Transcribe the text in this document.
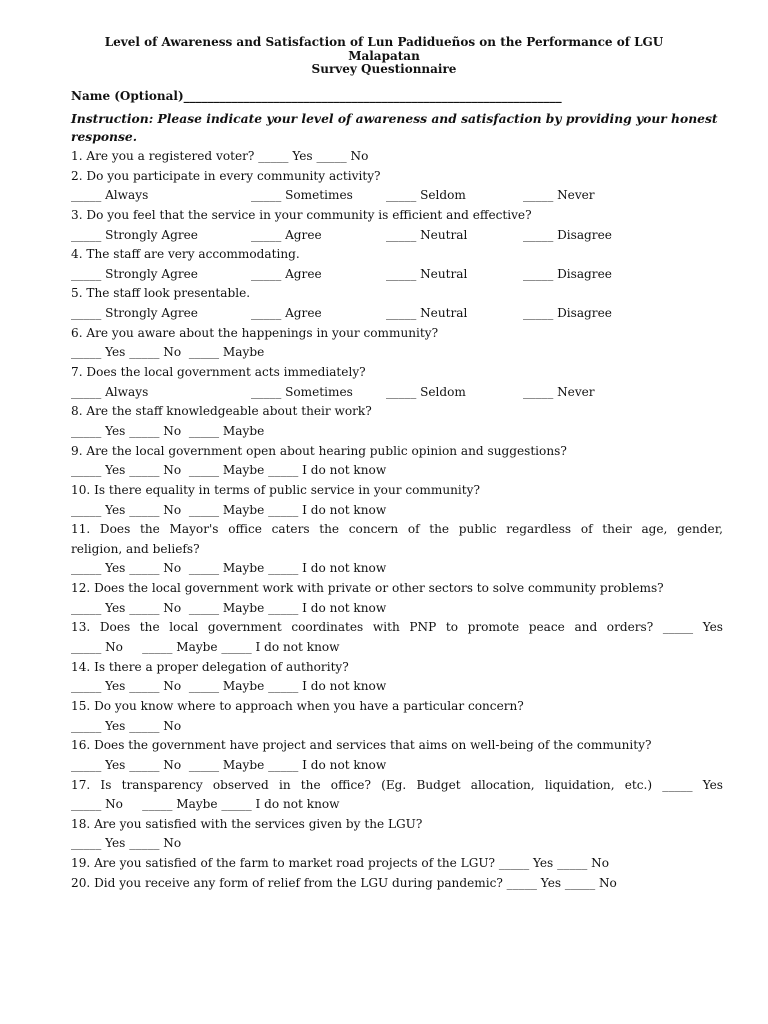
Level of Awareness and Satisfaction of Lun Padidueños on the Performance of LGU
Malapatan
Survey Questionnaire
Name (Optional)_______________________________________________________________
Instruction: Please indicate your level of awareness and satisfaction by providing your honest response.
1. Are you a registered voter? _____ Yes _____ No
2. Do you participate in every community activity?
_____ Always	_____ Sometimes	_____ Seldom	_____ Never
3. Do you feel that the service in your community is efficient and effective?
_____ Strongly Agree	_____ Agree	_____ Neutral	_____ Disagree
4. The staff are very accommodating.
_____ Strongly Agree	_____ Agree	_____ Neutral	_____ Disagree
5. The staff look presentable.
_____ Strongly Agree	_____ Agree	_____ Neutral	_____ Disagree
6. Are you aware about the happenings in your community?
_____ Yes _____ No  _____ Maybe
7. Does the local government acts immediately?
_____ Always	_____ Sometimes	_____ Seldom	_____ Never
8. Are the staff knowledgeable about their work?
_____ Yes _____ No  _____ Maybe
9. Are the local government open about hearing public opinion and suggestions?
_____ Yes _____ No  _____ Maybe _____ I do not know
10. Is there equality in terms of public service in your community?
_____ Yes _____ No  _____ Maybe _____ I do not know
11. Does the Mayor's office caters the concern of the public regardless of their age, gender,
religion, and beliefs?
_____ Yes _____ No  _____ Maybe _____ I do not know
12. Does the local government work with private or other sectors to solve community problems?
_____ Yes _____ No  _____ Maybe _____ I do not know
13. Does the local government coordinates with PNP to promote peace and orders? _____ Yes
_____ No     _____ Maybe _____ I do not know
14. Is there a proper delegation of authority?
_____ Yes _____ No  _____ Maybe _____ I do not know
15. Do you know where to approach when you have a particular concern?
_____ Yes _____ No
16. Does the government have project and services that aims on well-being of the community?
_____ Yes _____ No  _____ Maybe _____ I do not know
17. Is transparency observed in the office? (Eg. Budget allocation, liquidation, etc.) _____ Yes
_____ No     _____ Maybe _____ I do not know
18. Are you satisfied with the services given by the LGU?
_____ Yes _____ No
19. Are you satisfied of the farm to market road projects of the LGU? _____ Yes _____ No
20. Did you receive any form of relief from the LGU during pandemic? _____ Yes _____ No
